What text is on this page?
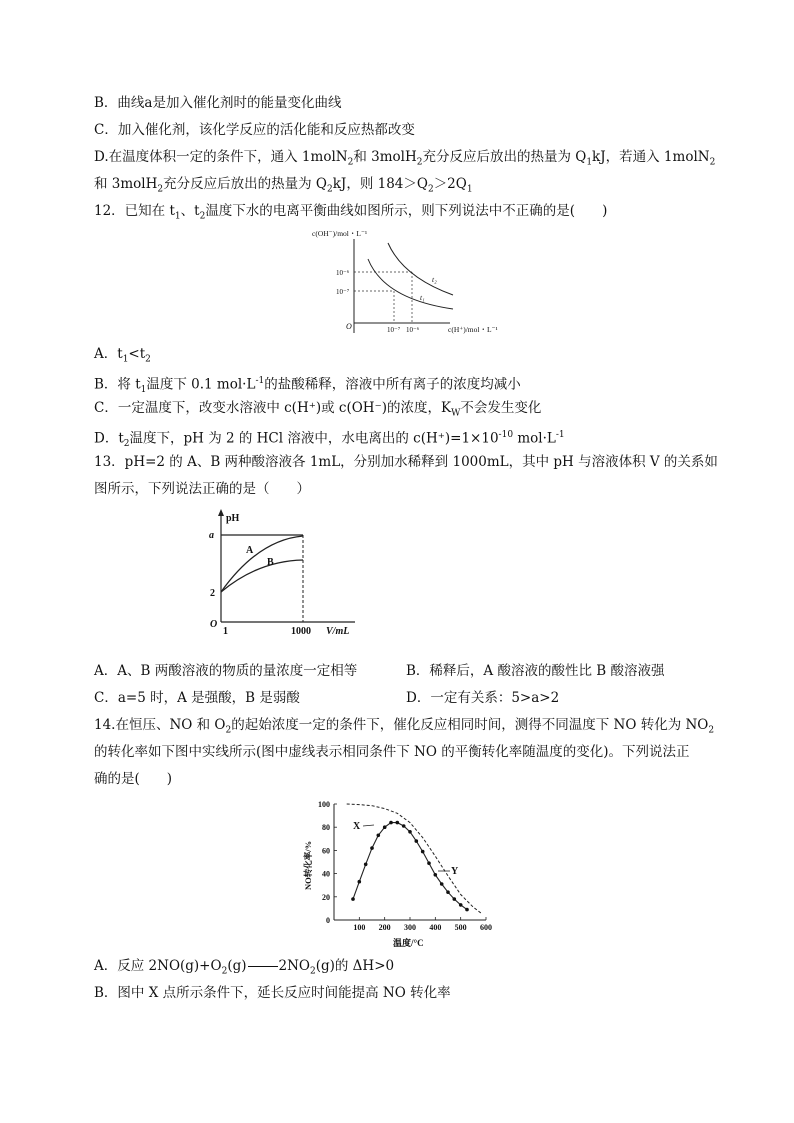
B．曲线a是加入催化剂时的能量变化曲线
C．加入催化剂，该化学反应的活化能和反应热都改变
D.在温度体积一定的条件下，通入 1molN$_2$和 3molH$_2$充分反应后放出的热量为 $Q_1kJ$，若通入 1molN$_2$
和 3molH$_2$充分反应后放出的热量为 $Q_2kJ$，则 $184>Q_2>2Q_1$
12．已知在 $t_1$、$t_2$温度下水的电离平衡曲线如图所示，则下列说法中不正确的是(　　)
c(OH⁻)/mol・L⁻¹
c(H⁺)/mol・L⁻¹
O
10⁻⁶
10⁻⁷
10⁻⁷ 10⁻⁶
t₂
t₁
A．$t_1<t_2$
B．将 $t_1$温度下 0.1 $mol\cdot L^{-1}$的盐酸稀释，溶液中所有离子的浓度均减小
C．一定温度下，改变水溶液中 c(H⁺)或 c(OH⁻)的浓度，$K_W$不会发生变化
D．$t_2$温度下，pH 为 2 的 HCl 溶液中，水电离出的 $c(H^+)=1\times 10^{-10}$ $mol\cdot L^{-1}$
13．pH=2 的 A、B 两种酸溶液各 1mL，分别加水稀释到 1000mL，其中 pH 与溶液体积 V 的关系如
图所示，下列说法正确的是（　　）
pH
V/mL
O
a
2
1	1000
A
B
A．A、B 两酸溶液的物质的量浓度一定相等	B．稀释后，A 酸溶液的酸性比 B 酸溶液强
C．a=5 时，A 是强酸，B 是弱酸	D．一定有关系：5>a>2
14.在恒压、NO 和 $O_2$的起始浓度一定的条件下，催化反应相同时间，测得不同温度下 NO 转化为 $NO_2$
的转化率如下图中实线所示(图中虚线表示相同条件下 NO 的平衡转化率随温度的变化)。下列说法正
确的是(　　)
0
20
40
60
80
100
100 200 300 400 500 600
NO转化率/%
温度/°C
X
Y
A．反应 $2NO(g)+O_2(g)$ $2NO_2(g)$的 ΔH>0
B．图中 X 点所示条件下，延长反应时间能提高 NO 转化率
